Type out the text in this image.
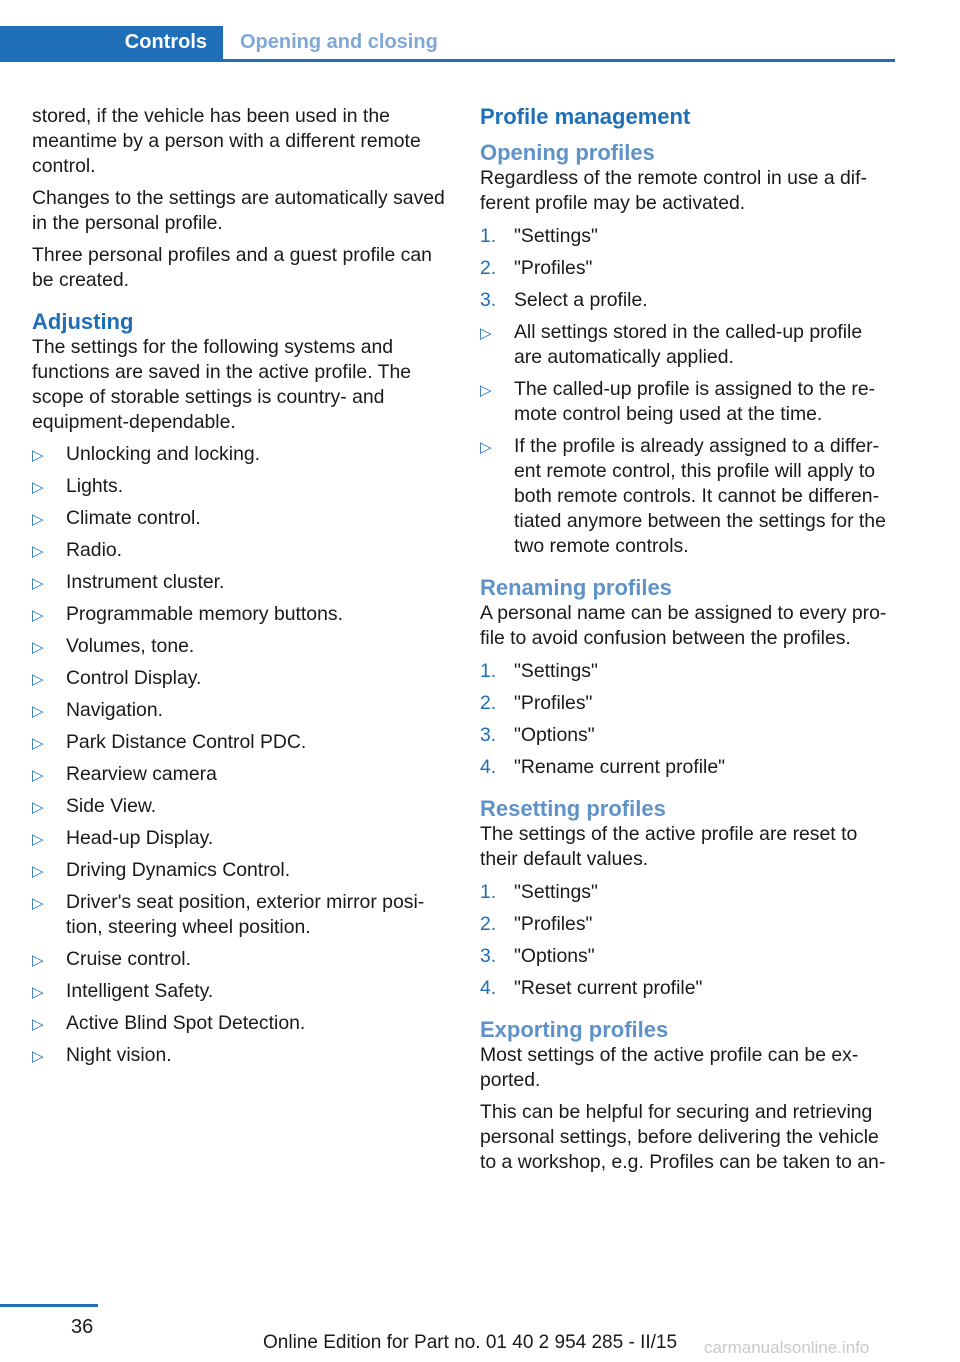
Controls	Opening and closing

stored, if the vehicle has been used in the meantime by a person with a different remote control.

Changes to the settings are automatically saved in the personal profile.

Three personal profiles and a guest profile can be created.

Adjusting

The settings for the following systems and functions are saved in the active profile. The scope of storable settings is country- and equipment-dependable.

▷ Unlocking and locking.
▷ Lights.
▷ Climate control.
▷ Radio.
▷ Instrument cluster.
▷ Programmable memory buttons.
▷ Volumes, tone.
▷ Control Display.
▷ Navigation.
▷ Park Distance Control PDC.
▷ Rearview camera
▷ Side View.
▷ Head-up Display.
▷ Driving Dynamics Control.
▷ Driver's seat position, exterior mirror posi-tion, steering wheel position.
▷ Cruise control.
▷ Intelligent Safety.
▷ Active Blind Spot Detection.
▷ Night vision.
Profile management
Opening profiles

Regardless of the remote control in use a dif-ferent profile may be activated.

1. "Settings"
2. "Profiles"
3. Select a profile.
▷ All settings stored in the called-up profile are automatically applied.
▷ The called-up profile is assigned to the re-mote control being used at the time.
▷ If the profile is already assigned to a differ-ent remote control, this profile will apply to both remote controls. It cannot be differen-tiated anymore between the settings for the two remote controls.
Renaming profiles

A personal name can be assigned to every pro-file to avoid confusion between the profiles.

1. "Settings"
2. "Profiles"
3. "Options"
4. "Rename current profile"
Resetting profiles

The settings of the active profile are reset to their default values.

1. "Settings"
2. "Profiles"
3. "Options"
4. "Reset current profile"
Exporting profiles

Most settings of the active profile can be ex-ported.

This can be helpful for securing and retrieving personal settings, before delivering the vehicle to a workshop, e.g. Profiles can be taken to an-

36
Online Edition for Part no. 01 40 2 954 285 - II/15 carmanualsonline.info
